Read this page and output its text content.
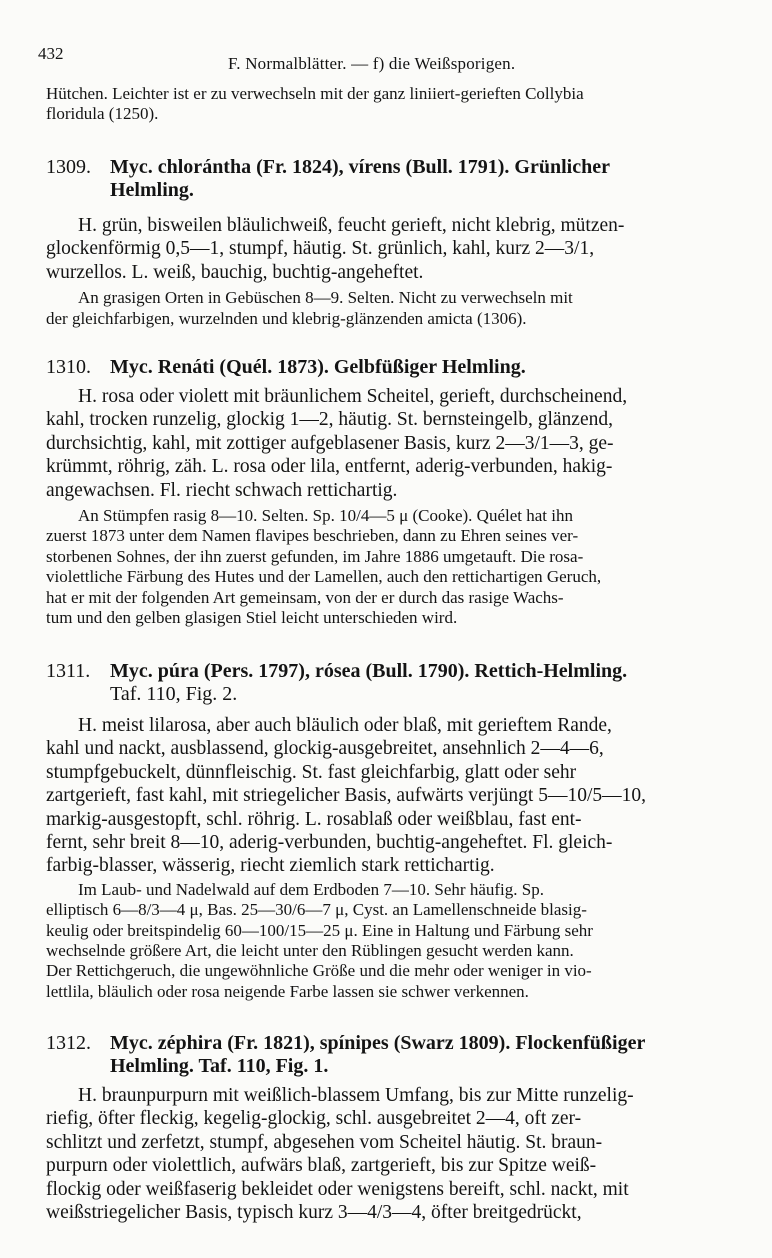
432
F. Normalblätter. — f) die Weißsporigen.
Hütchen. Leichter ist er zu verwechseln mit der ganz liniiert-gerieften Collybia
floridula (1250).
1309. Myc. chlorántha (Fr. 1824), vírens (Bull. 1791). Grünlicher
Helmling.
H. grün, bisweilen bläulichweiß, feucht gerieft, nicht klebrig, mützen-
glockenförmig 0,5—1, stumpf, häutig. St. grünlich, kahl, kurz 2—3/1,
wurzellos. L. weiß, bauchig, buchtig-angeheftet.
An grasigen Orten in Gebüschen 8—9. Selten. Nicht zu verwechseln mit
der gleichfarbigen, wurzelnden und klebrig-glänzenden amicta (1306).
1310. Myc. Renáti (Quél. 1873). Gelbfüßiger Helmling.
H. rosa oder violett mit bräunlichem Scheitel, gerieft, durchscheinend,
kahl, trocken runzelig, glockig 1—2, häutig. St. bernsteingelb, glänzend,
durchsichtig, kahl, mit zottiger aufgeblasener Basis, kurz 2—3/1—3, ge-
krümmt, röhrig, zäh. L. rosa oder lila, entfernt, aderig-verbunden, hakig-
angewachsen. Fl. riecht schwach rettichartig.
An Stümpfen rasig 8—10. Selten. Sp. 10/4—5 μ (Cooke). Quélet hat ihn
zuerst 1873 unter dem Namen flavipes beschrieben, dann zu Ehren seines ver-
storbenen Sohnes, der ihn zuerst gefunden, im Jahre 1886 umgetauft. Die rosa-
violettliche Färbung des Hutes und der Lamellen, auch den rettichartigen Geruch,
hat er mit der folgenden Art gemeinsam, von der er durch das rasige Wachs-
tum und den gelben glasigen Stiel leicht unterschieden wird.
1311. Myc. púra (Pers. 1797), rósea (Bull. 1790). Rettich-Helmling.
Taf. 110, Fig. 2.
H. meist lilarosa, aber auch bläulich oder blaß, mit gerieftem Rande,
kahl und nackt, ausblassend, glockig-ausgebreitet, ansehnlich 2—4—6,
stumpfgebuckelt, dünnfleischig. St. fast gleichfarbig, glatt oder sehr
zartgerieft, fast kahl, mit striegelicher Basis, aufwärts verjüngt 5—10/5—10,
markig-ausgestopft, schl. röhrig. L. rosablaß oder weißblau, fast ent-
fernt, sehr breit 8—10, aderig-verbunden, buchtig-angeheftet. Fl. gleich-
farbig-blasser, wässerig, riecht ziemlich stark rettichartig.
Im Laub- und Nadelwald auf dem Erdboden 7—10. Sehr häufig. Sp.
elliptisch 6—8/3—4 μ, Bas. 25—30/6—7 μ, Cyst. an Lamellenschneide blasig-
keulig oder breitspindelig 60—100/15—25 μ. Eine in Haltung und Färbung sehr
wechselnde größere Art, die leicht unter den Rüblingen gesucht werden kann.
Der Rettichgeruch, die ungewöhnliche Größe und die mehr oder weniger in vio-
lettlila, bläulich oder rosa neigende Farbe lassen sie schwer verkennen.
1312. Myc. zéphira (Fr. 1821), spínipes (Swarz 1809). Flockenfüßiger
Helmling. Taf. 110, Fig. 1.
H. braunpurpurn mit weißlich-blassem Umfang, bis zur Mitte runzelig-
riefig, öfter fleckig, kegelig-glockig, schl. ausgebreitet 2—4, oft zer-
schlitzt und zerfetzt, stumpf, abgesehen vom Scheitel häutig. St. braun-
purpurn oder violettlich, aufwärs blaß, zartgerieft, bis zur Spitze weiß-
flockig oder weißfaserig bekleidet oder wenigstens bereift, schl. nackt, mit
weißstriegelicher Basis, typisch kurz 3—4/3—4, öfter breitgedrückt,
